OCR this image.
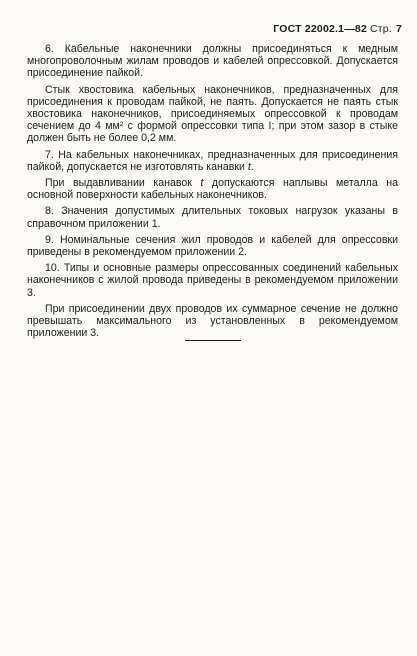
ГОСТ 22002.1—82 Стр. 7

6. Кабельные наконечники должны присоединяться к медным многопроволочным жилам проводов и кабелей опрессовкой. Допускается присоединение пайкой.

Стык хвостовика кабельных наконечников, предназначенных для присоединения к проводам пайкой, не паять. Допускается не паять стык хвостовика наконечников, присоединяемых опрессовкой к проводам сечением до 4 мм² с формой опрессовки типа I; при этом зазор в стыке должен быть не более 0,2 мм.

7. На кабельных наконечниках, предназначенных для присоединения пайкой, допускается не изготовлять канавки t.

При выдавливании канавок t допускаются наплывы металла на основной поверхности кабельных наконечников.

8. Значения допустимых длительных токовых нагрузок указаны в справочном приложении 1.

9. Номинальные сечения жил проводов и кабелей для опрессовки приведены в рекомендуемом приложении 2.

10. Типы и основные размеры опрессованных соединений кабельных наконечников с жилой провода приведены в рекомендуемом приложении 3.

При присоединении двух проводов их суммарное сечение не должно превышать максимального из установленных в рекомендуемом приложении 3.
